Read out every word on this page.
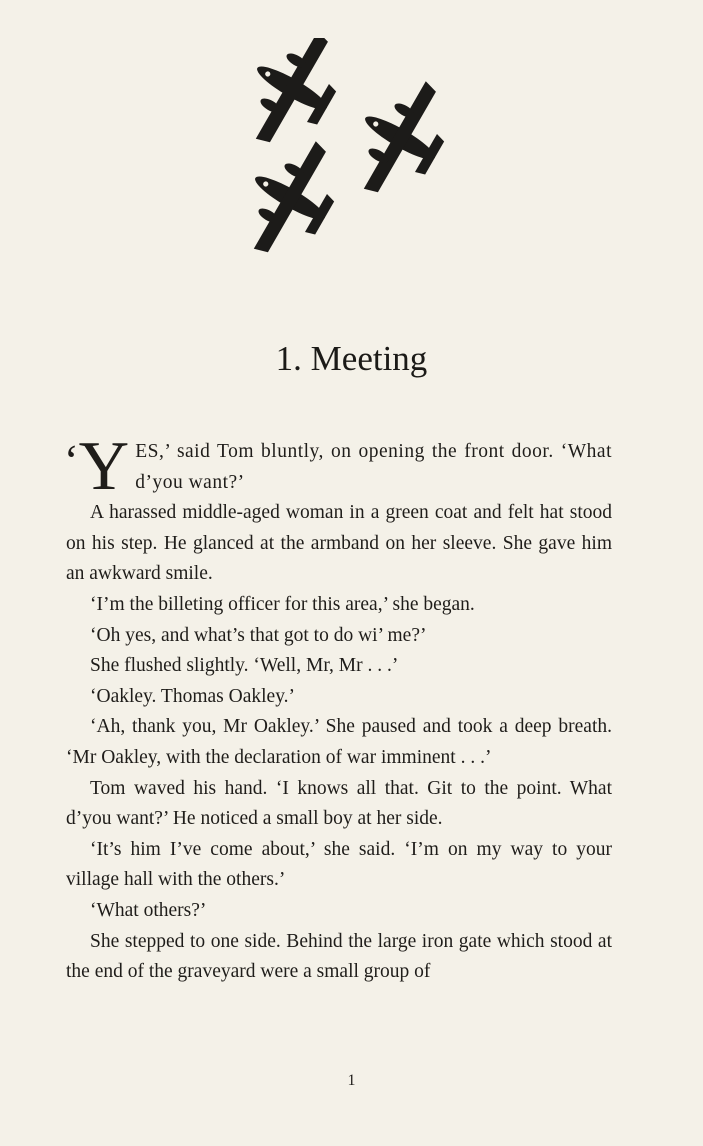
1. Meeting

‘Y ES,’ said Tom bluntly, on opening the front door. ‘What d’you want?’

A harassed middle-aged woman in a green coat and felt hat stood on his step. He glanced at the armband on her sleeve. She gave him an awkward smile.

‘I’m the billeting officer for this area,’ she began.

‘Oh yes, and what’s that got to do wi’ me?’

She flushed slightly. ‘Well, Mr, Mr . . .’

‘Oakley. Thomas Oakley.’

‘Ah, thank you, Mr Oakley.’ She paused and took a deep breath. ‘Mr Oakley, with the declaration of war imminent . . .’

Tom waved his hand. ‘I knows all that. Git to the point. What d’you want?’ He noticed a small boy at her side.

‘It’s him I’ve come about,’ she said. ‘I’m on my way to your village hall with the others.’

‘What others?’

She stepped to one side. Behind the large iron gate which stood at the end of the graveyard were a small group of

1
